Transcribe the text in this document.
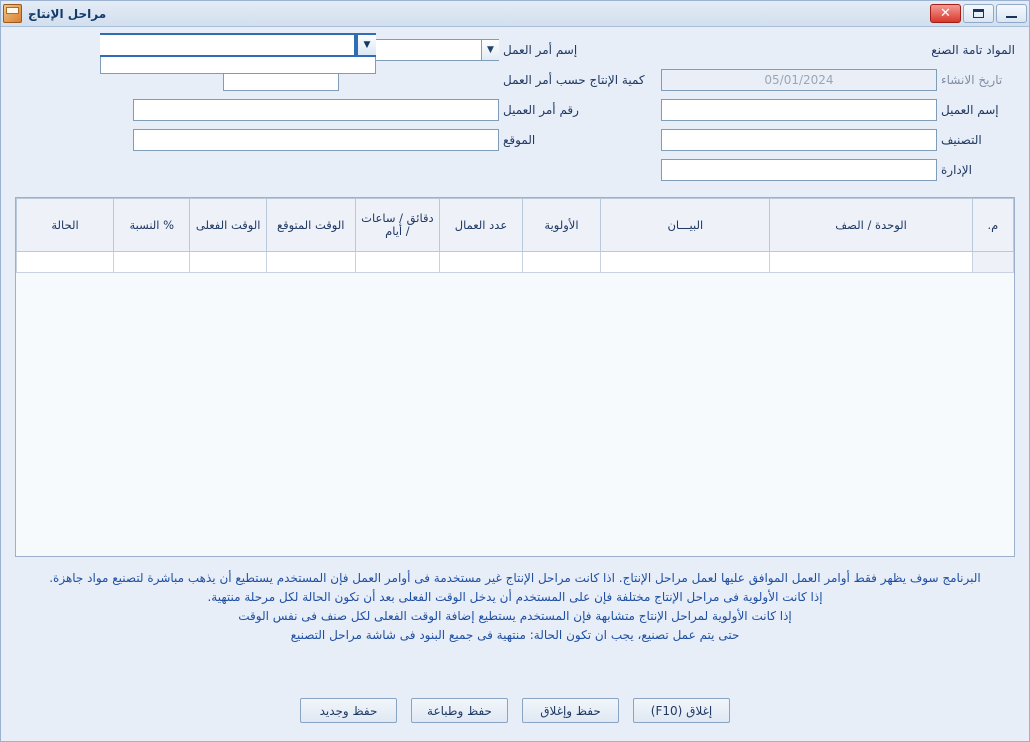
مراحل الإنتاج	✕
المواد تامة الصنع
إسم أمر العمل
▼
تاريخ الانشاء
05/01/2024
كمية الإنتاج حسب أمر العمل
إسم العميل
رقم أمر العميل
التصنيف
الموقع
الإدارة
▼
م.	الوحدة / الصف	البيـــان	الأولوية	عدد العمال	دقائق / ساعات / أيام	الوقت المتوقع	الوقت الفعلى	% النسبة	الحالة

البرنامج سوف يظهر فقط أوامر العمل الموافق عليها لعمل مراحل الإنتاج. اذا كانت مراحل الإنتاج غير مستخدمة فى أوامر العمل فإن المستخدم يستطيع أن يذهب مباشرة لتصنيع مواد جاهزة.
إذا كانت الأولوية فى مراحل الإنتاج مختلفة فإن على المستخدم أن يدخل الوقت الفعلى بعد أن تكون الحالة لكل مرحلة منتهية.
إذا كانت الأولوية لمراحل الإنتاج متشابهة فإن المستخدم يستطيع إضافة الوقت الفعلى لكل صنف فى نفس الوقت
حتى يتم عمل تصنيع، يجب ان تكون الحالة: منتهية فى جميع البنود فى شاشة مراحل التصنيع
إغلاق (F10)
حفظ وإغلاق
حفظ وطباعة
حفظ وجديد
